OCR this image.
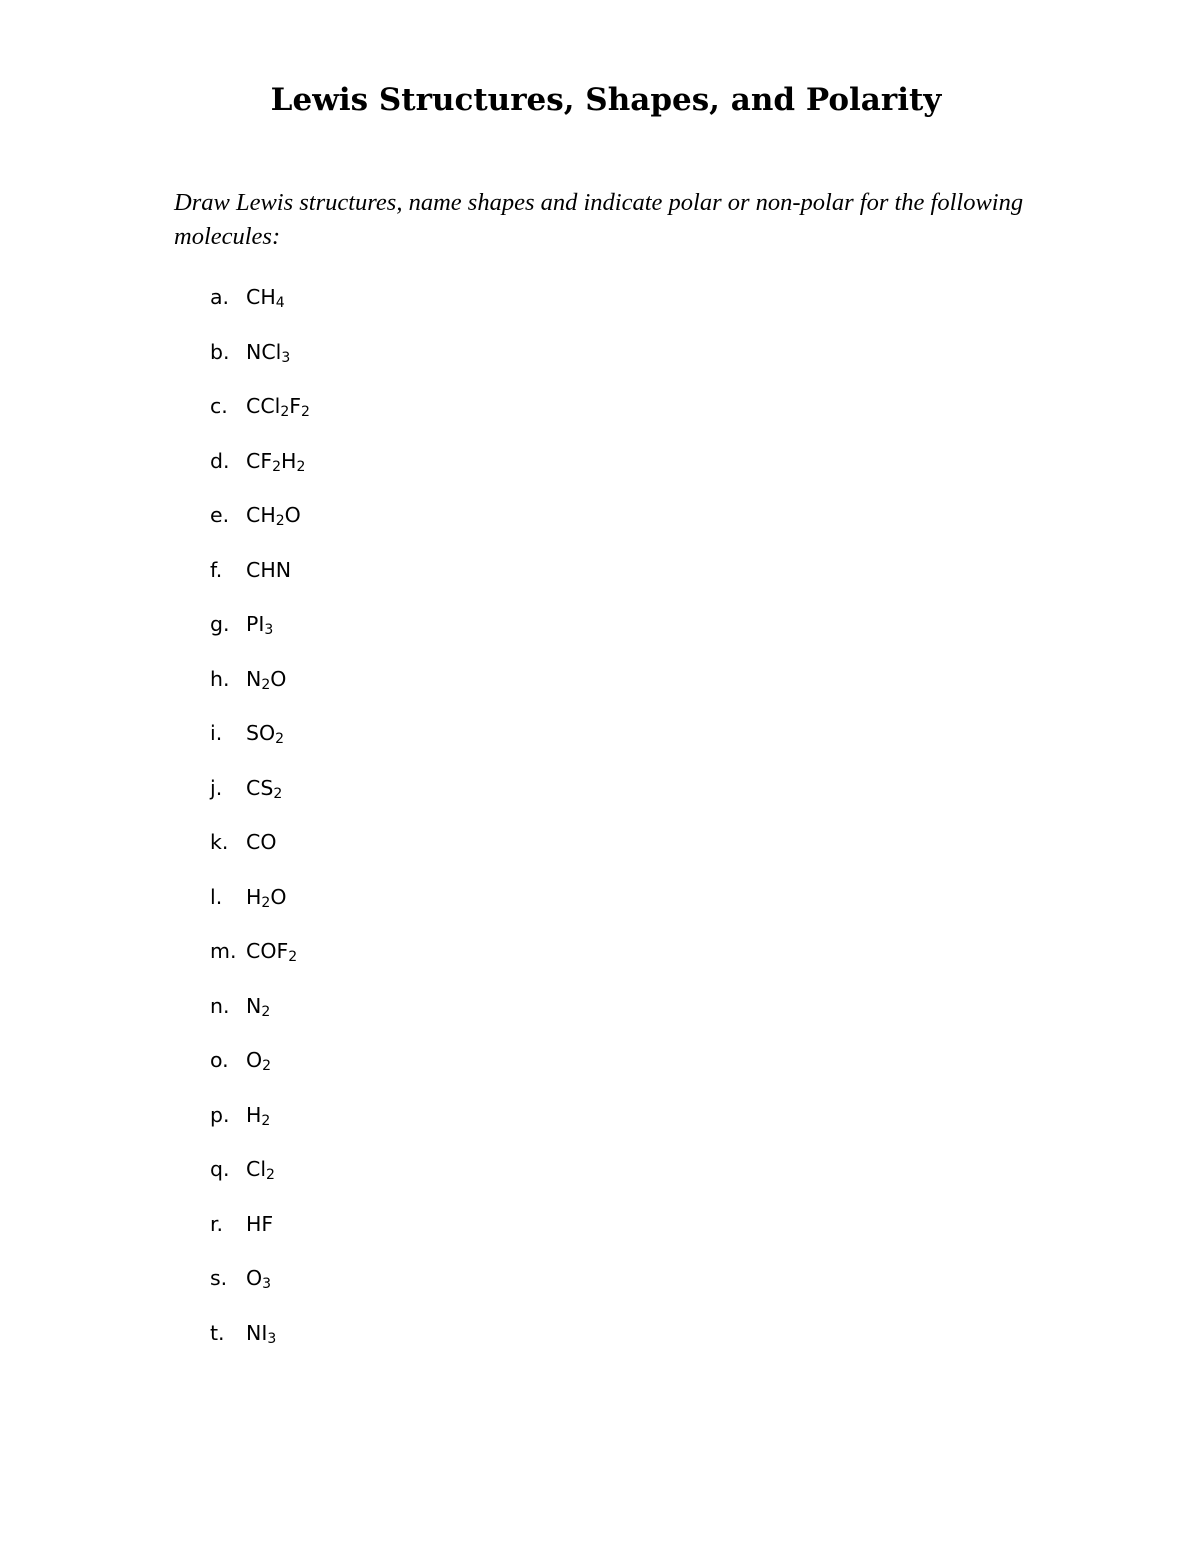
Lewis Structures, Shapes, and Polarity

Draw Lewis structures, name shapes and indicate polar or non-polar for the following molecules:

a. $CH_4$
b. NCl$_3$
c. $CCl_2F_2$
d. $CF_2H_2$
e. $CH_2O$
f.	CHN
g. $PI_3$
h. $N_2O$
i.	$SO_2$
j.	$CS_2$
k. CO
l.	$H_2O$
m. $COF_2$
n. $N_2$
o. $O_2$
p. $H_2$
q. $Cl_2$
r.	HF
s. $O_3$
t.	$NI_3$
